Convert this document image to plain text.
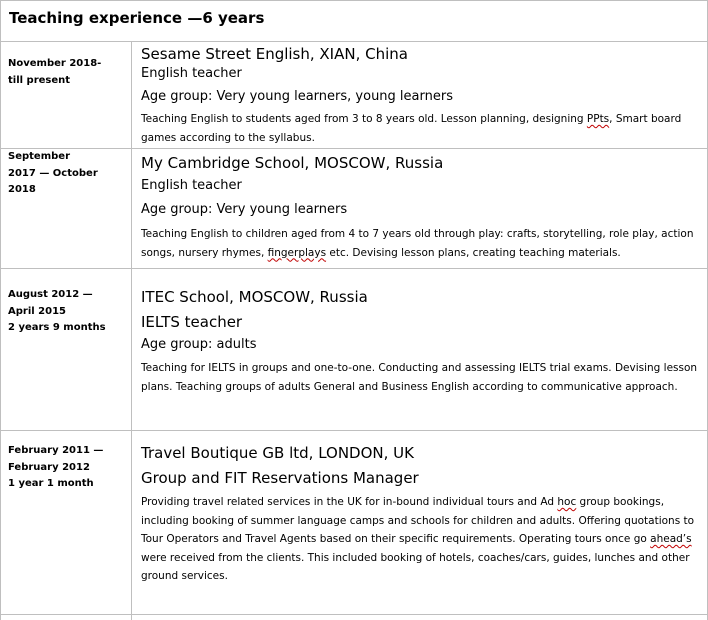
Teaching experience —6 years
November 2018-
till present
Sesame Street English, XIAN, China
English teacher
Age group: Very young learners, young learners
Teaching English to students aged from 3 to 8 years old. Lesson planning, designing PPts, Smart board games according to the syllabus.
September
2017 — October
2018
My Cambridge School, MOSCOW, Russia
English teacher
Age group: Very young learners
Teaching English to children aged from 4 to 7 years old through play: crafts, storytelling, role play, action songs, nursery rhymes, fingerplays etc. Devising lesson plans, creating teaching materials.
August 2012 —
April 2015
2 years 9 months
ITEC School, MOSCOW, Russia
IELTS teacher
Age group: adults
Teaching for IELTS in groups and one-to-one. Conducting and assessing IELTS trial exams. Devising lesson plans. Teaching groups of adults General and Business English according to communicative approach.
February 2011 —
February 2012
1 year 1 month
Travel Boutique GB ltd, LONDON, UK
Group and FIT Reservations Manager
Providing travel related services in the UK for in-bound individual tours and Ad hoc group bookings, including booking of summer language camps and schools for children and adults. Offering quotations to Tour Operators and Travel Agents based on their specific requirements. Operating tours once go ahead’s were received from the clients. This included booking of hotels, coaches/cars, guides, lunches and other ground services.
